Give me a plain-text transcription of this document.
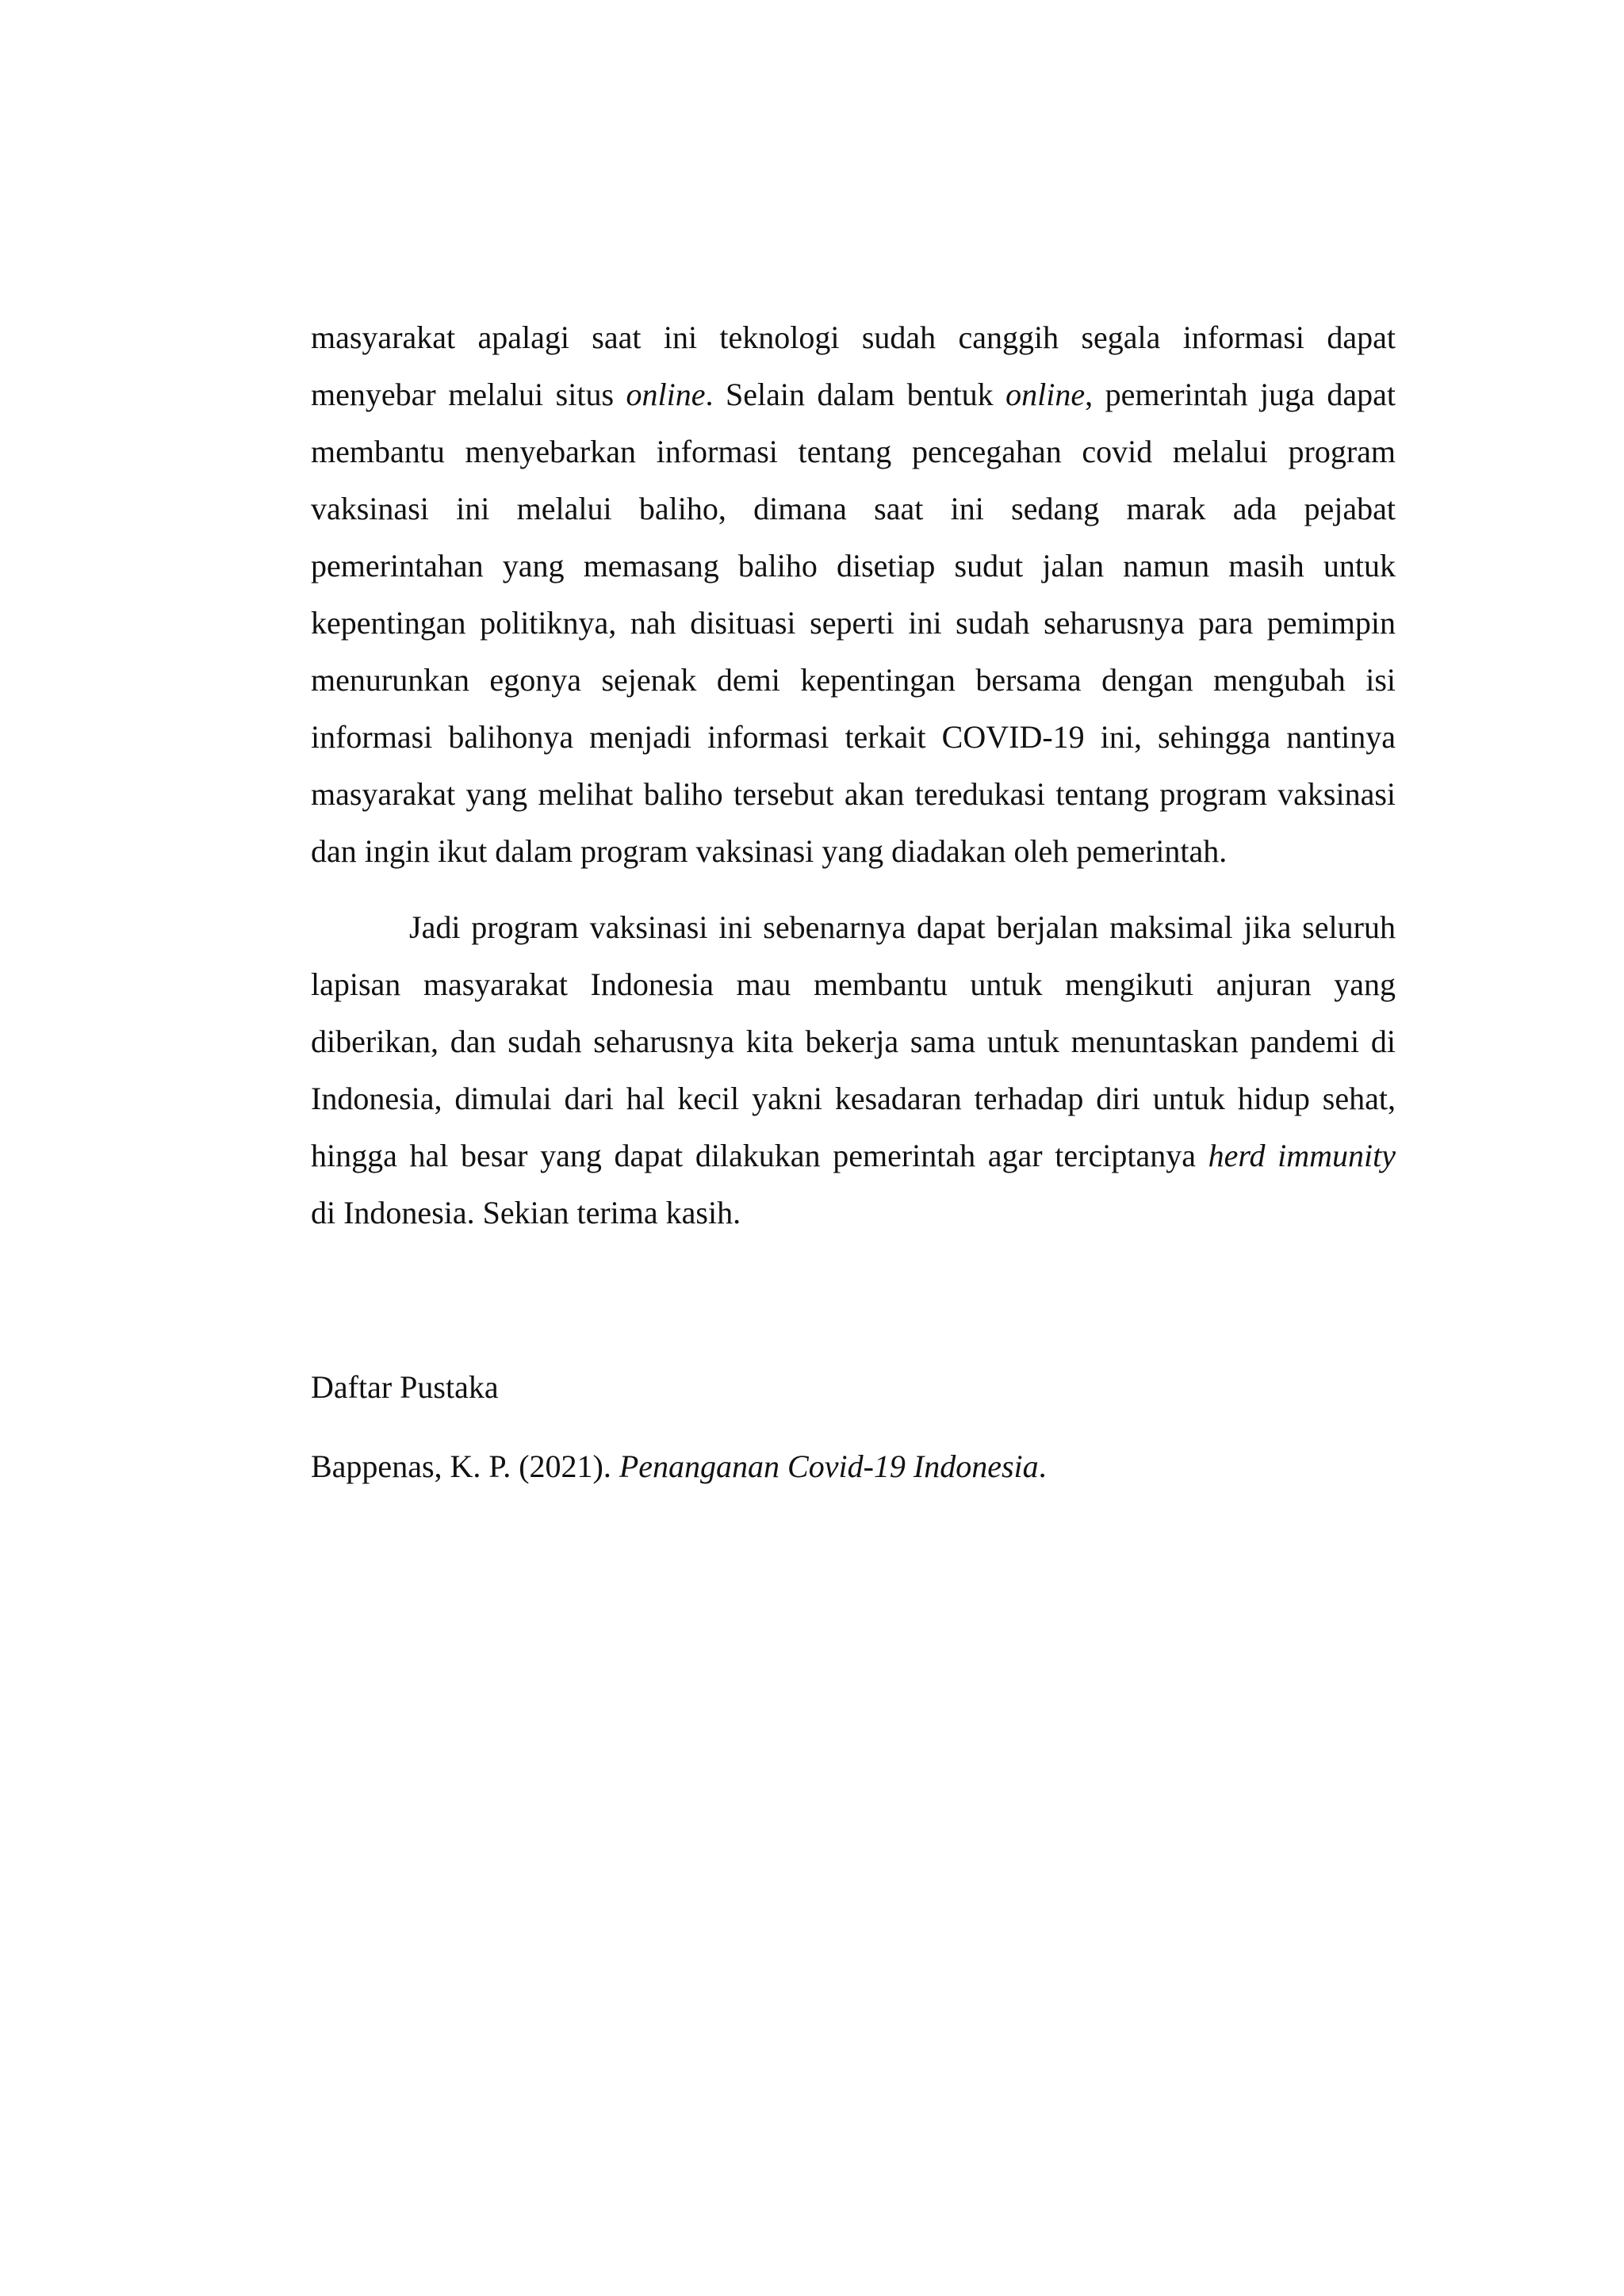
masyarakat apalagi saat ini teknologi sudah canggih segala informasi dapat
menyebar melalui situs online. Selain dalam bentuk online, pemerintah juga dapat
membantu menyebarkan informasi tentang pencegahan covid melalui program
vaksinasi ini melalui baliho, dimana saat ini sedang marak ada pejabat
pemerintahan yang memasang baliho disetiap sudut jalan namun masih untuk
kepentingan politiknya, nah disituasi seperti ini sudah seharusnya para pemimpin
menurunkan egonya sejenak demi kepentingan bersama dengan mengubah isi
informasi balihonya menjadi informasi terkait COVID-19 ini, sehingga nantinya
masyarakat yang melihat baliho tersebut akan teredukasi tentang program vaksinasi
dan ingin ikut dalam program vaksinasi yang diadakan oleh pemerintah.

Jadi program vaksinasi ini sebenarnya dapat berjalan maksimal jika seluruh
lapisan masyarakat Indonesia mau membantu untuk mengikuti anjuran yang
diberikan, dan sudah seharusnya kita bekerja sama untuk menuntaskan pandemi di
Indonesia, dimulai dari hal kecil yakni kesadaran terhadap diri untuk hidup sehat,
hingga hal besar yang dapat dilakukan pemerintah agar terciptanya herd immunity
di Indonesia. Sekian terima kasih.

Daftar Pustaka

Bappenas, K. P. (2021). Penanganan Covid-19 Indonesia.
